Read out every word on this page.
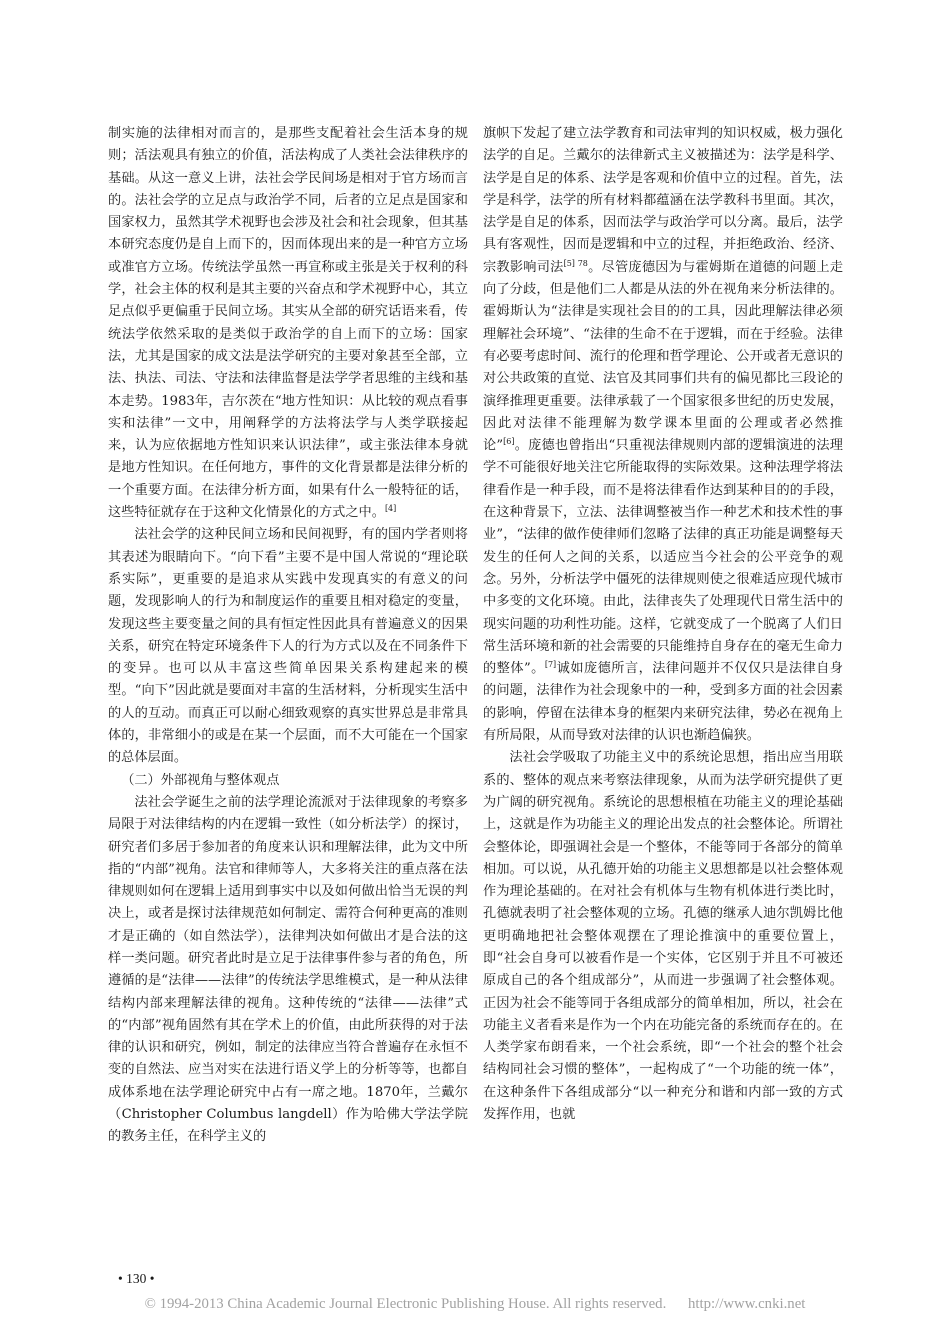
制实施的法律相对而言的，是那些支配着社会生活本身的规则；活法观具有独立的价值，活法构成了人类社会法律秩序的基础。从这一意义上讲，法社会学民间场是相对于官方场而言的。法社会学的立足点与政治学不同，后者的立足点是国家和国家权力，虽然其学术视野也会涉及社会和社会现象，但其基本研究态度仍是自上而下的，因而体现出来的是一种官方立场或准官方立场。传统法学虽然一再宣称或主张是关于权利的科学，社会主体的权利是其主要的兴奋点和学术视野中心，其立足点似乎更偏重于民间立场。其实从全部的研究话语来看，传统法学依然采取的是类似于政治学的自上而下的立场：国家法，尤其是国家的成文法是法学研究的主要对象甚至全部，立法、执法、司法、守法和法律监督是法学学者思维的主线和基本走势。1983年，吉尔茨在“地方性知识：从比较的观点看事实和法律”一文中，用阐释学的方法将法学与人类学联接起来，认为应依据地方性知识来认识法律”，或主张法律本身就是地方性知识。在任何地方，事件的文化背景都是法律分析的一个重要方面。在法律分析方面，如果有什么一般特征的话，这些特征就存在于这种文化情景化的方式之中。[4]

法社会学的这种民间立场和民间视野，有的国内学者则将其表述为眼睛向下。“向下看”主要不是中国人常说的“理论联系实际”，更重要的是追求从实践中发现真实的有意义的问题，发现影响人的行为和制度运作的重要且相对稳定的变量，发现这些主要变量之间的具有恒定性因此具有普遍意义的因果关系，研究在特定环境条件下人的行为方式以及在不同条件下的变异。也可以从丰富这些简单因果关系构建起来的模型。“向下”因此就是要面对丰富的生活材料，分析现实生活中的人的互动。而真正可以耐心细致观察的真实世界总是非常具体的，非常细小的或是在某一个层面，而不大可能在一个国家的总体层面。

（二）外部视角与整体观点

法社会学诞生之前的法学理论流派对于法律现象的考察多局限于对法律结构的内在逻辑一致性（如分析法学）的探讨，研究者们多居于参加者的角度来认识和理解法律，此为文中所指的“内部”视角。法官和律师等人，大多将关注的重点落在法律规则如何在逻辑上适用到事实中以及如何做出恰当无误的判决上，或者是探讨法律规范如何制定、需符合何种更高的准则才是正确的（如自然法学），法律判决如何做出才是合法的这样一类问题。研究者此时是立足于法律事件参与者的角色，所遵循的是“法律——法律”的传统法学思维模式，是一种从法律结构内部来理解法律的视角。这种传统的“法律——法律”式的“内部”视角固然有其在学术上的价值，由此所获得的对于法律的认识和研究，例如，制定的法律应当符合普遍存在永恒不变的自然法、应当对实在法进行语义学上的分析等等，也都自成体系地在法学理论研究中占有一席之地。1870年，兰戴尔（Christopher Columbus langdell）作为哈佛大学法学院的教务主任，在科学主义的

旗帜下发起了建立法学教育和司法审判的知识权威，极力强化法学的自足。兰戴尔的法律新式主义被描述为：法学是科学、法学是自足的体系、法学是客观和价值中立的过程。首先，法学是科学，法学的所有材料都蕴涵在法学教科书里面。其次，法学是自足的体系，因而法学与政治学可以分离。最后，法学具有客观性，因而是逻辑和中立的过程，并拒绝政治、经济、宗教影响司法$^{[5] 78}$。尽管庞德因为与霍姆斯在道德的问题上走向了分歧，但是他们二人都是从法的外在视角来分析法律的。霍姆斯认为“法律是实现社会目的的工具，因此理解法律必须理解社会环境”、“法律的生命不在于逻辑，而在于经验。法律有必要考虑时间、流行的伦理和哲学理论、公开或者无意识的对公共政策的直觉、法官及其同事们共有的偏见都比三段论的演绎推理更重要。法律承载了一个国家很多世纪的历史发展，因此对法律不能理解为数学课本里面的公理或者必然推论”[6]。庞德也曾指出“只重视法律规则内部的逻辑演进的法理学不可能很好地关注它所能取得的实际效果。这种法理学将法律看作是一种手段，而不是将法律看作达到某种目的的手段，在这种背景下，立法、法律调整被当作一种艺术和技术性的事业”，“法律的做作使律师们忽略了法律的真正功能是调整每天发生的任何人之间的关系，以适应当今社会的公平竞争的观念。另外，分析法学中僵死的法律规则使之很难适应现代城市中多变的文化环境。由此，法律丧失了处理现代日常生活中的现实问题的功利性功能。这样，它就变成了一个脱离了人们日常生活环境和新的社会需要的只能维持自身存在的毫无生命力的整体”。[7]诚如庞德所言，法律问题并不仅仅只是法律自身的问题，法律作为社会现象中的一种，受到多方面的社会因素的影响，停留在法律本身的框架内来研究法律，势必在视角上有所局限，从而导致对法律的认识也渐趋偏狭。

法社会学吸取了功能主义中的系统论思想，指出应当用联系的、整体的观点来考察法律现象，从而为法学研究提供了更为广阔的研究视角。系统论的思想根植在功能主义的理论基础上，这就是作为功能主义的理论出发点的社会整体论。所谓社会整体论，即强调社会是一个整体，不能等同于各部分的简单相加。可以说，从孔德开始的功能主义思想都是以社会整体观作为理论基础的。在对社会有机体与生物有机体进行类比时，孔德就表明了社会整体观的立场。孔德的继承人迪尔凯姆比他更明确地把社会整体观摆在了理论推演中的重要位置上，即“社会自身可以被看作是一个实体，它区别于并且不可被还原成自己的各个组成部分”，从而进一步强调了社会整体观。正因为社会不能等同于各组成部分的简单相加，所以，社会在功能主义者看来是作为一个内在功能完备的系统而存在的。在人类学家布朗看来，一个社会系统，即“一个社会的整个社会结构同社会习惯的整体”，一起构成了“一个功能的统一体”，在这种条件下各组成部分“以一种充分和谐和内部一致的方式发挥作用，也就

• 130 •
© 1994-2013 China Academic Journal Electronic Publishing House. All rights reserved. http://www.cnki.net
